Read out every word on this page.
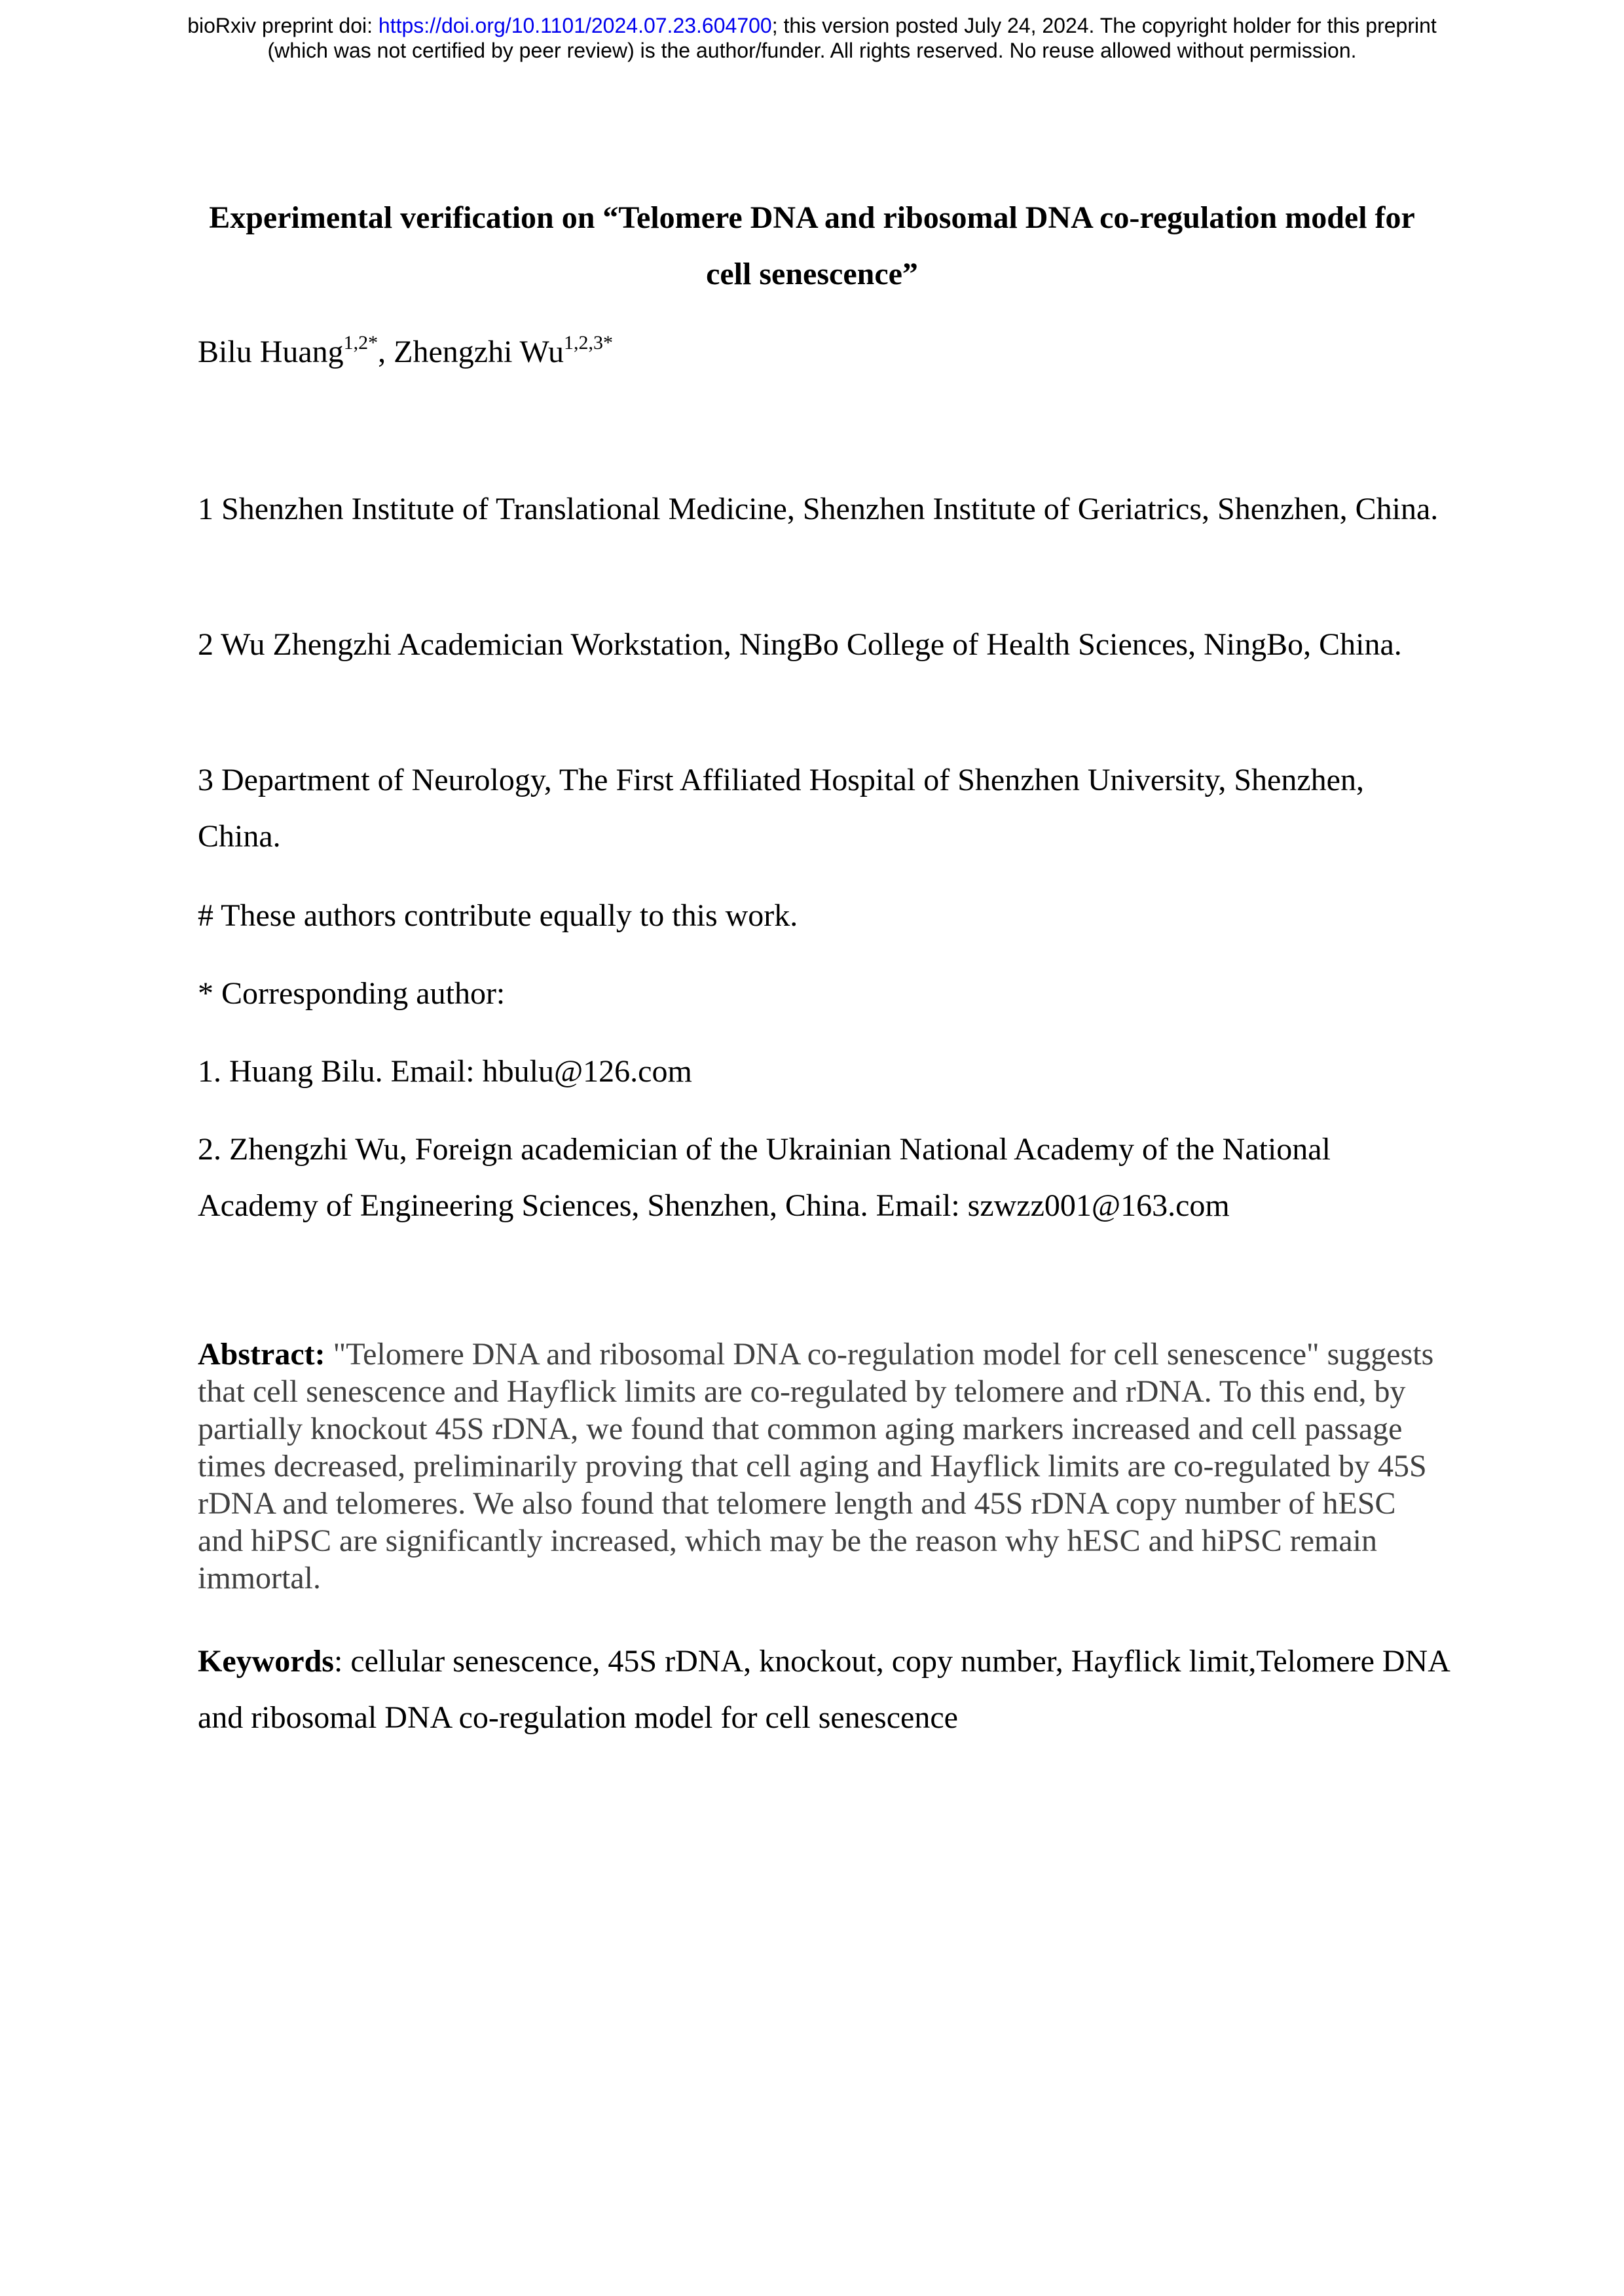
bioRxiv preprint doi: https://doi.org/10.1101/2024.07.23.604700; this version posted July 24, 2024. The copyright holder for this preprint
(which was not certified by peer review) is the author/funder. All rights reserved. No reuse allowed without permission.
Experimental verification on “Telomere DNA and ribosomal DNA co-regulation model for cell senescence”
Bilu Huang$^{1,2*}$, Zhengzhi $Wu^{1,2,3*}$
1 Shenzhen Institute of Translational Medicine, Shenzhen Institute of Geriatrics, Shenzhen, China.
2 Wu Zhengzhi Academician Workstation, NingBo College of Health Sciences, NingBo, China.
3 Department of Neurology, The First Affiliated Hospital of Shenzhen University, Shenzhen, China.
# These authors contribute equally to this work.
* Corresponding author:
1. Huang Bilu. Email: hbulu@126.com
2. Zhengzhi Wu, Foreign academician of the Ukrainian National Academy of the National Academy of Engineering Sciences, Shenzhen, China. Email: szwzz001@163.com
Abstract: "Telomere DNA and ribosomal DNA co-regulation model for cell senescence" suggests that cell senescence and Hayflick limits are co-regulated by telomere and rDNA. To this end, by partially knockout 45S rDNA, we found that common aging markers increased and cell passage times decreased, preliminarily proving that cell aging and Hayflick limits are co-regulated by 45S rDNA and telomeres. We also found that telomere length and 45S rDNA copy number of hESC and hiPSC are significantly increased, which may be the reason why hESC and hiPSC remain immortal.
Keywords: cellular senescence, 45S rDNA, knockout, copy number, Hayflick limit,Telomere DNA and ribosomal DNA co-regulation model for cell senescence
